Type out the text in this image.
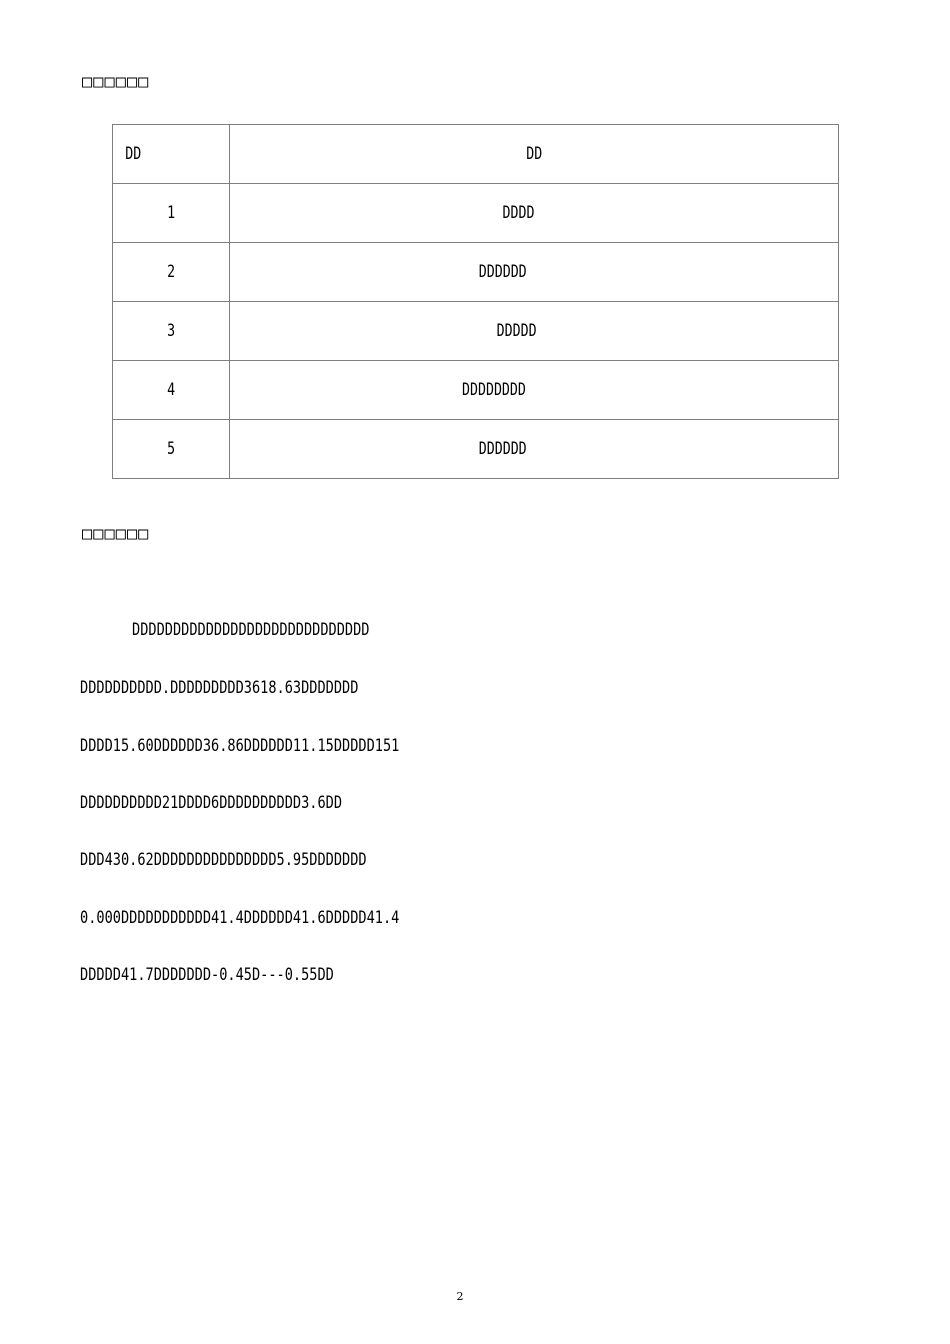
□□□□□□
DD	DD
1	DDDD
2	DDDDDD
3	DDDDD
4	DDDDDDDD
5	DDDDDD
□□□□□□
DDDDDDDDDDDDDDDDDDDDDDDDDDDDD
DDDDDDDDDD.DDDDDDDDD3618.63DDDDDDD
DDDD15.60DDDDDD36.86DDDDDD11.15DDDDD151
DDDDDDDDDD21DDDD6DDDDDDDDDD3.6DD
DDD430.62DDDDDDDDDDDDDDD5.95DDDDDDD
0.000DDDDDDDDDDD41.4DDDDDD41.6DDDDD41.4
DDDDD41.7DDDDDDD-0.45D---0.55DD
2
